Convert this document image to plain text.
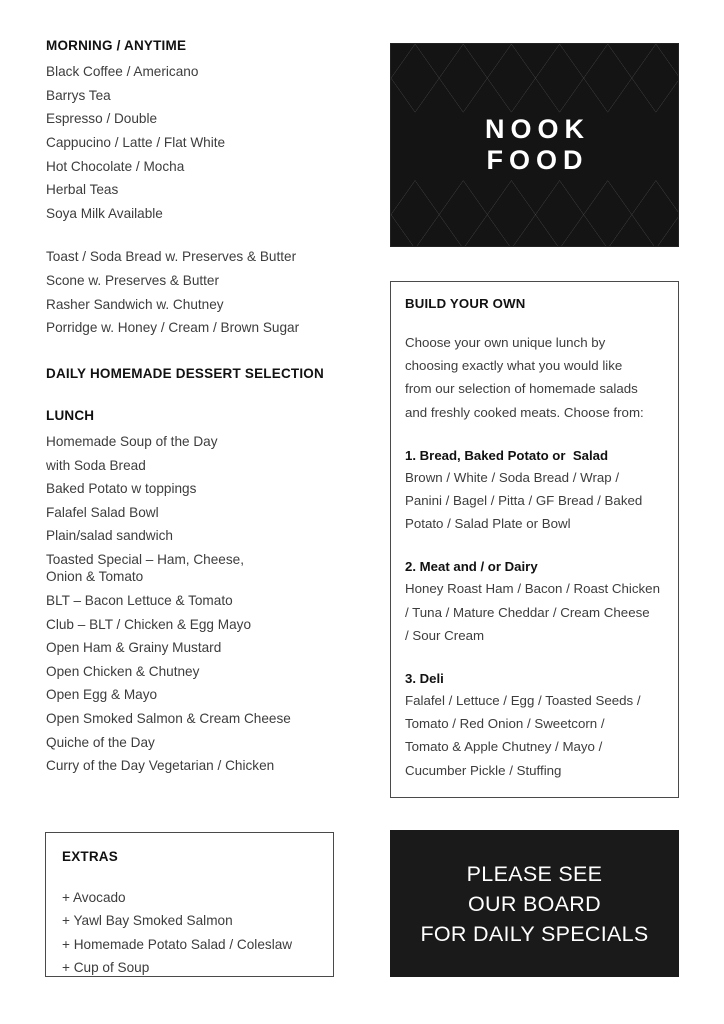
MORNING / ANYTIME
Black Coffee / Americano
Barrys Tea
Espresso / Double
Cappucino / Latte / Flat White
Hot Chocolate / Mocha
Herbal Teas
Soya Milk Available
Toast / Soda Bread w. Preserves & Butter
Scone w. Preserves & Butter
Rasher Sandwich w. Chutney
Porridge w. Honey / Cream / Brown Sugar
DAILY HOMEMADE DESSERT SELECTION
LUNCH
Homemade Soup of the Day
with Soda Bread
Baked Potato w toppings
Falafel Salad Bowl
Plain/salad sandwich
Toasted Special – Ham, Cheese,
Onion & Tomato
BLT – Bacon Lettuce & Tomato
Club – BLT / Chicken & Egg Mayo
Open Ham & Grainy Mustard
Open Chicken & Chutney
Open Egg & Mayo
Open Smoked Salmon & Cream Cheese
Quiche of the Day
Curry of the Day Vegetarian / Chicken
EXTRAS
+ Avocado
+ Yawl Bay Smoked Salmon
+ Homemade Potato Salad / Coleslaw
+ Cup of Soup
NOOK
FOOD
BUILD YOUR OWN
Choose your own unique lunch by
choosing exactly what you would like
from our selection of homemade salads
and freshly cooked meats. Choose from:
1. Bread, Baked Potato or  Salad
Brown / White / Soda Bread / Wrap /
Panini / Bagel / Pitta / GF Bread / Baked
Potato / Salad Plate or Bowl
2. Meat and / or Dairy
Honey Roast Ham / Bacon / Roast Chicken
/ Tuna / Mature Cheddar / Cream Cheese
/ Sour Cream
3. Deli
Falafel / Lettuce / Egg / Toasted Seeds /
Tomato / Red Onion / Sweetcorn /
Tomato & Apple Chutney / Mayo /
Cucumber Pickle / Stuffing
PLEASE SEE
OUR BOARD
FOR DAILY SPECIALS
